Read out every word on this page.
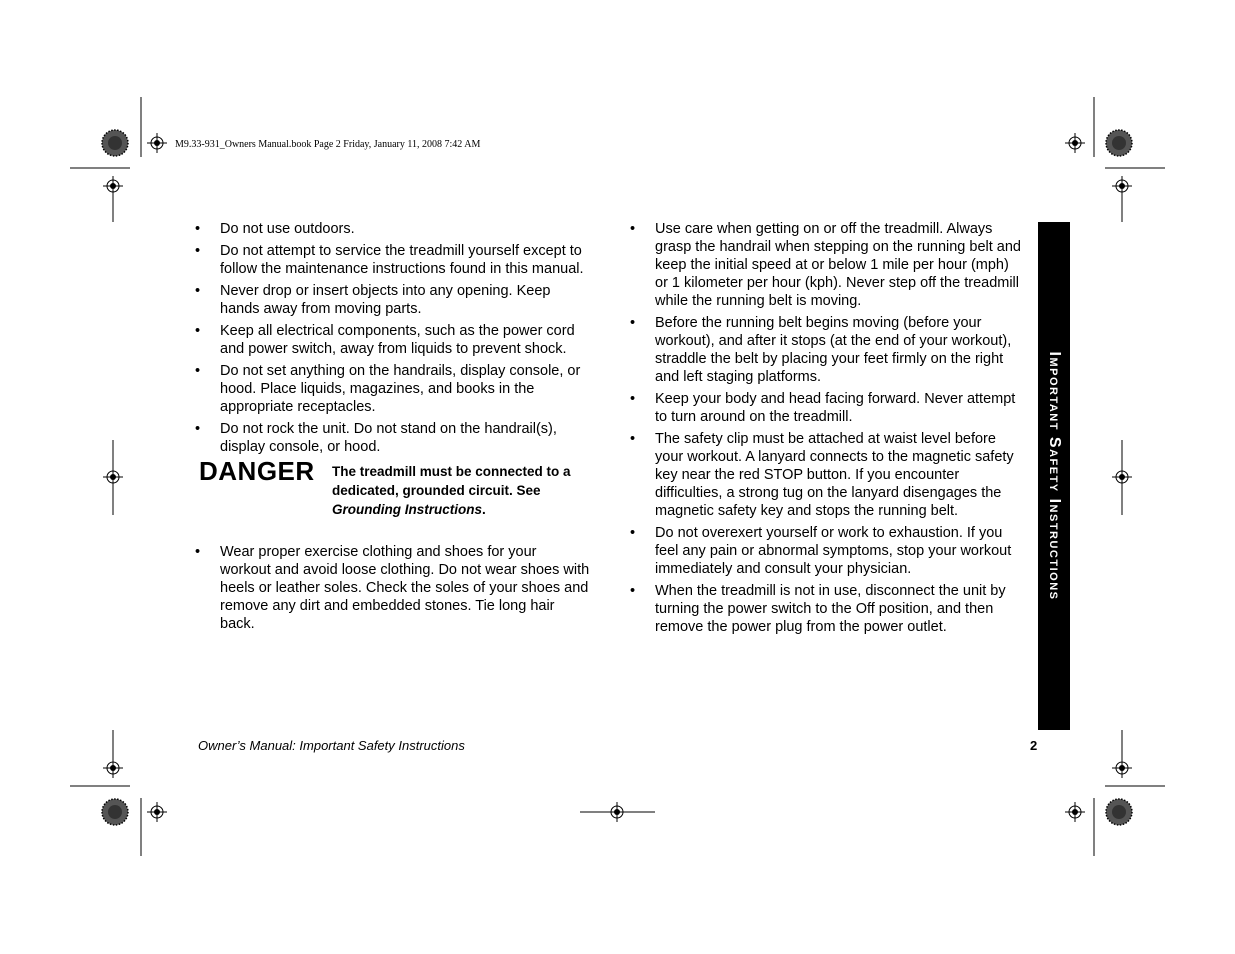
M9.33-931_Owners Manual.book Page 2 Friday, January 11, 2008 7:42 AM
• Do not use outdoors.
• Do not attempt to service the treadmill yourself except to follow the maintenance instructions found in this manual.
• Never drop or insert objects into any opening. Keep hands away from moving parts.
• Keep all electrical components, such as the power cord and power switch, away from liquids to prevent shock.
• Do not set anything on the handrails, display console, or hood. Place liquids, magazines, and books in the appropriate receptacles.
• Do not rock the unit. Do not stand on the handrail(s), display console, or hood.
DANGER The treadmill must be connected to a dedicated, grounded circuit. See Grounding Instructions.
• Wear proper exercise clothing and shoes for your workout and avoid loose clothing. Do not wear shoes with heels or leather soles. Check the soles of your shoes and remove any dirt and embedded stones. Tie long hair back.
• Use care when getting on or off the treadmill. Always grasp the handrail when stepping on the running belt and keep the initial speed at or below 1 mile per hour (mph) or 1 kilometer per hour (kph). Never step off the treadmill while the running belt is moving.
• Before the running belt begins moving (before your workout), and after it stops (at the end of your workout), straddle the belt by placing your feet firmly on the right and left staging platforms.
• Keep your body and head facing forward. Never attempt to turn around on the treadmill.
• The safety clip must be attached at waist level before your workout. A lanyard connects to the magnetic safety key near the red STOP button. If you encounter difficulties, a strong tug on the lanyard disengages the magnetic safety key and stops the running belt.
• Do not overexert yourself or work to exhaustion. If you feel any pain or abnormal symptoms, stop your workout immediately and consult your physician.
• When the treadmill is not in use, disconnect the unit by turning the power switch to the Off position, and then remove the power plug from the power outlet.
Important Safety Instructions
Owner’s Manual: Important Safety Instructions	2
